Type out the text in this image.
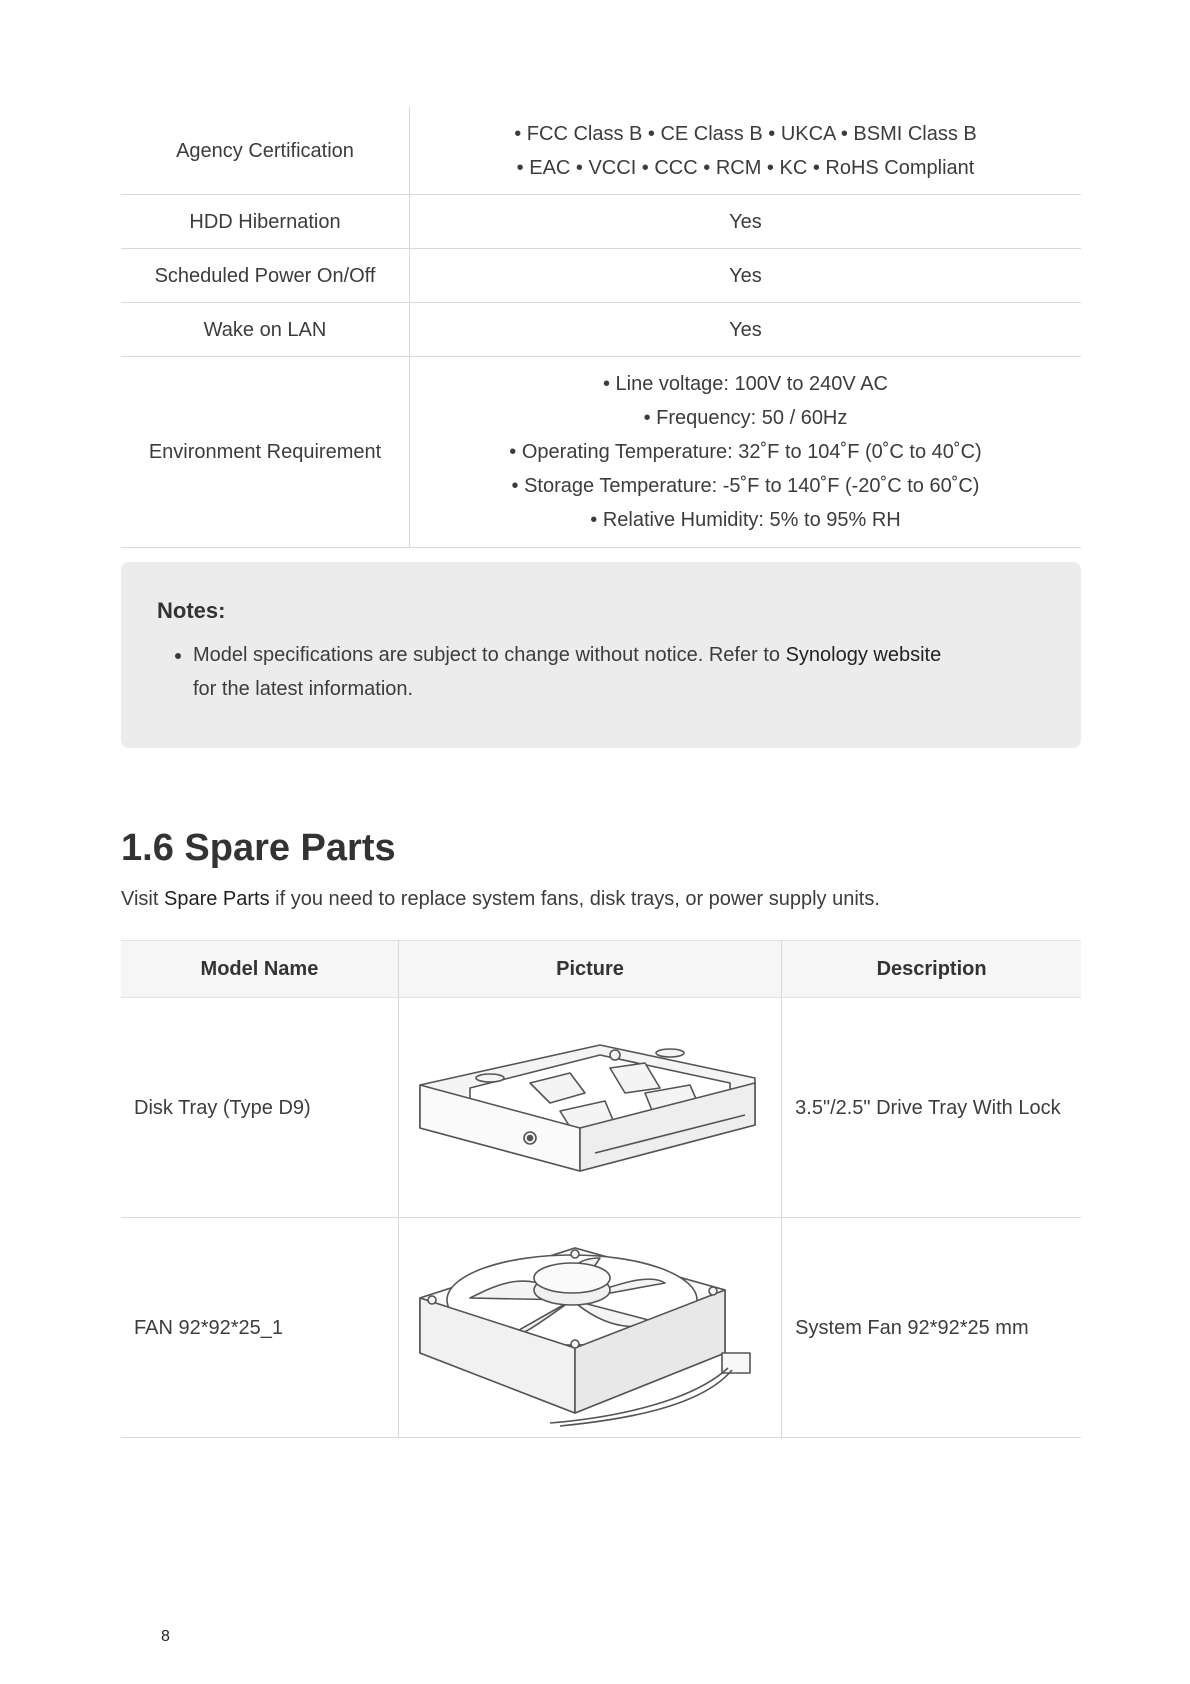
Agency Certification	• FCC Class B • CE Class B • UKCA • BSMI Class B
• EAC • VCCI • CCC • RCM • KC • RoHS Compliant

HDD Hibernation	Yes
Scheduled Power On/Off	Yes
Wake on LAN	Yes
Environment Requirement	• Line voltage: 100V to 240V AC
• Frequency: 50 / 60Hz
• Operating Temperature: 32˚F to 104˚F (0˚C to 40˚C)
• Storage Temperature: -5˚F to 140˚F (-20˚C to 60˚C)
• Relative Humidity: 5% to 95% RH

Notes:

• Model specifications are subject to change without notice. Refer to Synology website for the latest information.
1.6 Spare Parts

Visit Spare Parts if you need to replace system fans, disk trays, or power supply units.

Model Name	Picture	Description
Disk Tray (Type D9)		3.5"/2.5" Drive Tray With Lock
FAN 92*92*25_1		System Fan 92*92*25 mm
8
